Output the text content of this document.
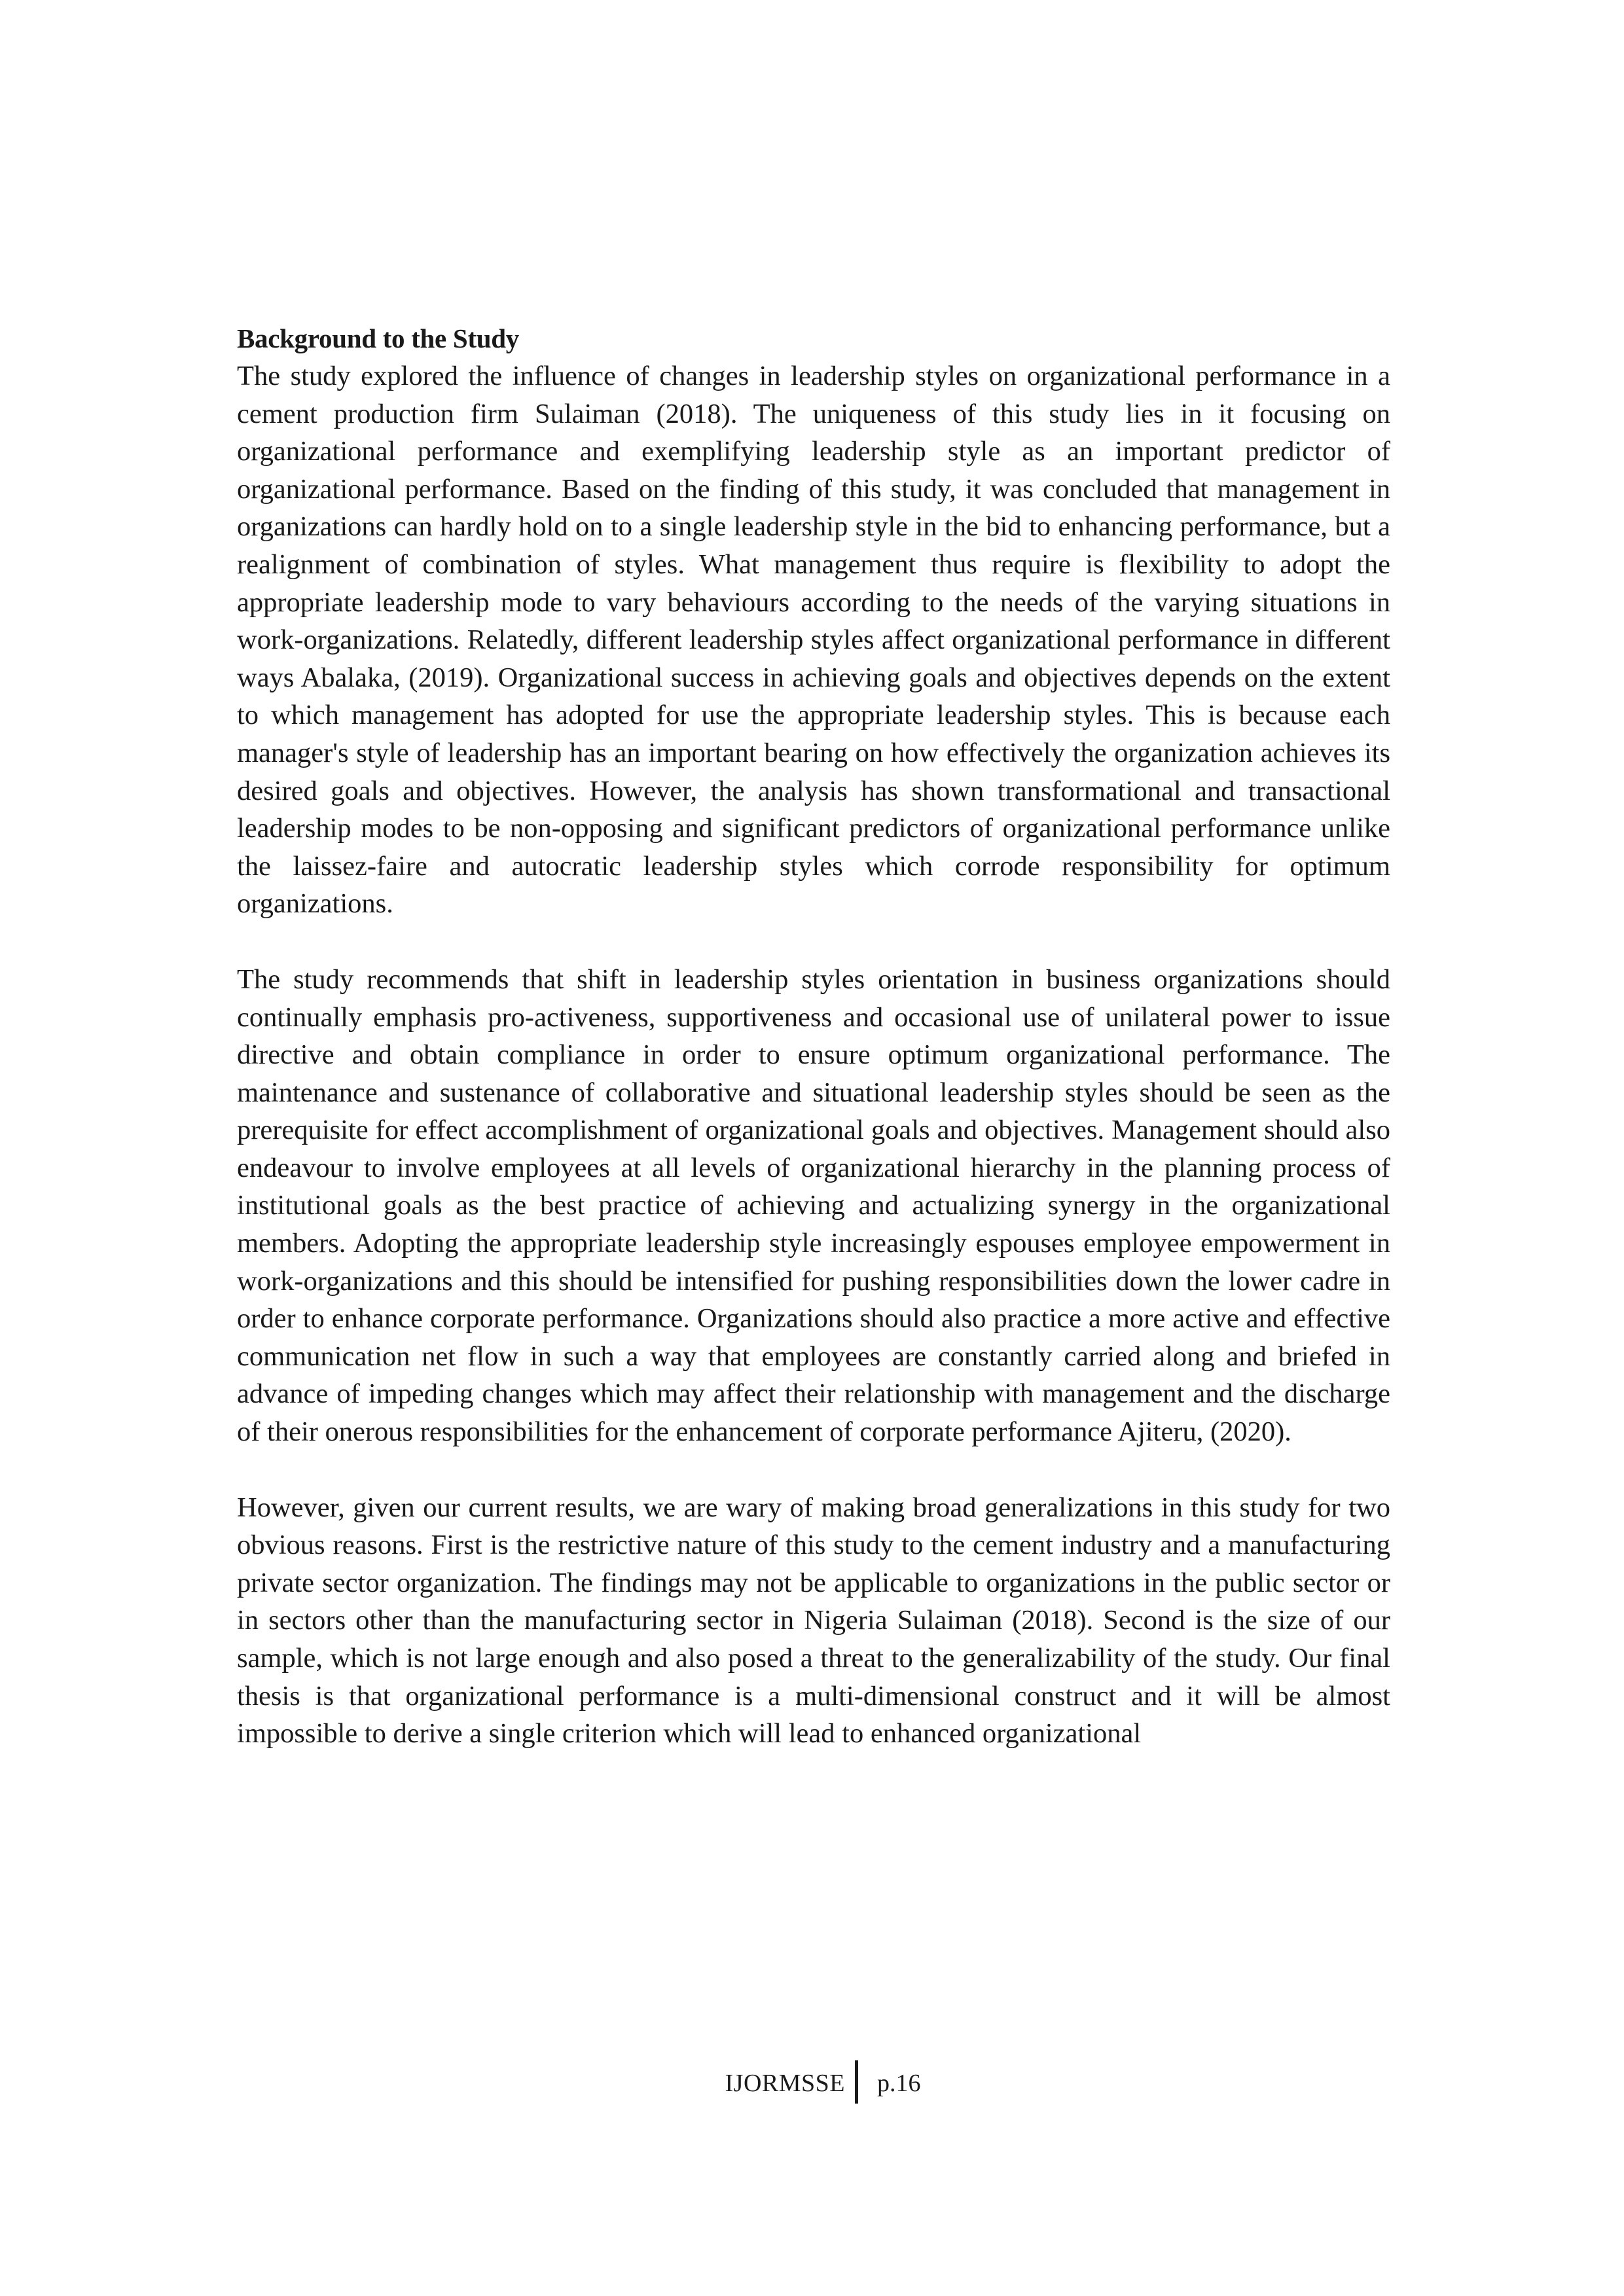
Background to the Study

The study explored the influence of changes in leadership styles on organizational performance in a cement production firm Sulaiman (2018). The uniqueness of this study lies in it focusing on organizational performance and exemplifying leadership style as an important predictor of organizational performance. Based on the finding of this study, it was concluded that management in organizations can hardly hold on to a single leadership style in the bid to enhancing performance, but a realignment of combination of styles. What management thus require is flexibility to adopt the appropriate leadership mode to vary behaviours according to the needs of the varying situations in work-organizations. Relatedly, different leadership styles affect organizational performance in different ways Abalaka, (2019). Organizational success in achieving goals and objectives depends on the extent to which management has adopted for use the appropriate leadership styles. This is because each manager's style of leadership has an important bearing on how effectively the organization achieves its desired goals and objectives. However, the analysis has shown transformational and transactional leadership modes to be non-opposing and significant predictors of organizational performance unlike the laissez-faire and autocratic leadership styles which corrode responsibility for optimum organizations.

The study recommends that shift in leadership styles orientation in business organizations should continually emphasis pro-activeness, supportiveness and occasional use of unilateral power to issue directive and obtain compliance in order to ensure optimum organizational performance. The maintenance and sustenance of collaborative and situational leadership styles should be seen as the prerequisite for effect accomplishment of organizational goals and objectives. Management should also endeavour to involve employees at all levels of organizational hierarchy in the planning process of institutional goals as the best practice of achieving and actualizing synergy in the organizational members. Adopting the appropriate leadership style increasingly espouses employee empowerment in work-organizations and this should be intensified for pushing responsibilities down the lower cadre in order to enhance corporate performance. Organizations should also practice a more active and effective communication net flow in such a way that employees are constantly carried along and briefed in advance of impeding changes which may affect their relationship with management and the discharge of their onerous responsibilities for the enhancement of corporate performance Ajiteru, (2020).

However, given our current results, we are wary of making broad generalizations in this study for two obvious reasons. First is the restrictive nature of this study to the cement industry and a manufacturing private sector organization. The findings may not be applicable to organizations in the public sector or in sectors other than the manufacturing sector in Nigeria Sulaiman (2018). Second is the size of our sample, which is not large enough and also posed a threat to the generalizability of the study. Our final thesis is that organizational performance is a multi-dimensional construct and it will be almost impossible to derive a single criterion which will lead to enhanced organizational

IJORMSSE p.16
